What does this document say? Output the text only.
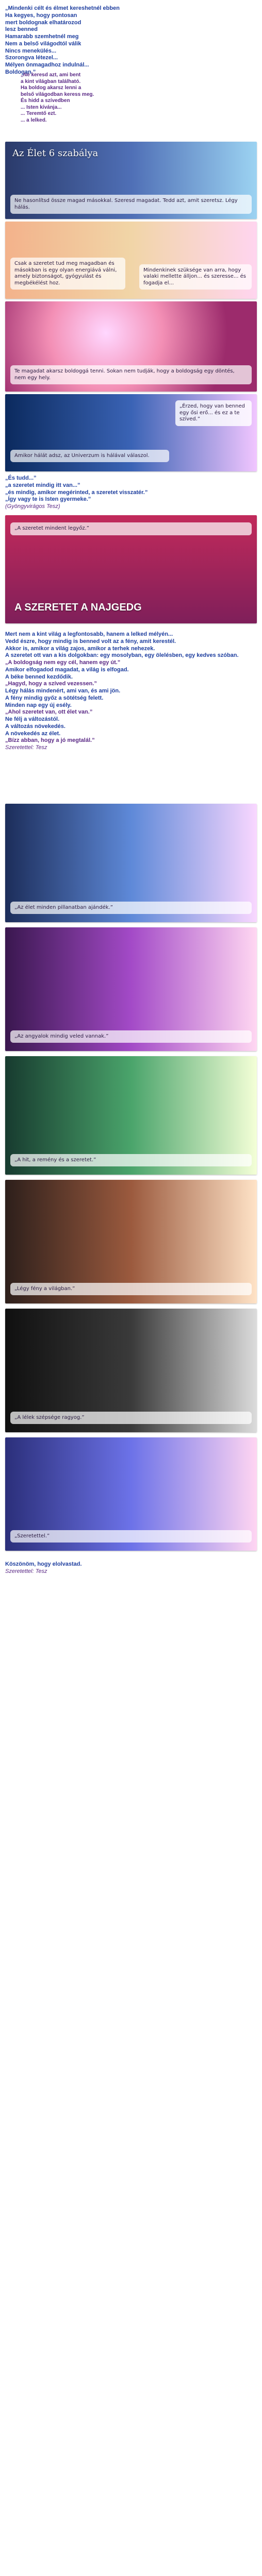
„Mindenki célt és élmet kereshetnél ebben
Ha kegyes, hogy pontosan
mert boldognak elhatározod
lesz benned
Hamarabb szemhetnél meg
Nem a belső világodtól válik
Nincs menekülés...
Szorongva létezel...
Mélyen önmagadhoz indulnál...
Boldogan.”
„Ne keresd azt, ami bent
a kint világban található.
Ha boldog akarsz lenni a
belső világodban keress meg.
És hidd a szívedben
... Isten kívánja...
... Teremtő ezt.
... a lelked.
Az Élet 6 szabálya
Ne hasonlítsd össze magad másokkal. Szeresd magadat. Tedd azt, amit szeretsz. Légy hálás.
Csak a szeretet tud meg magadban és másokban is egy olyan energiává válni, amely biztonságot, gyógyulást és megbékélést hoz.
Mindenkinek szüksége van arra, hogy valaki mellette álljon... és szeresse... és fogadja el...
Te magadat akarsz boldoggá tenni. Sokan nem tudják, hogy a boldogság egy döntés, nem egy hely.
Amikor hálát adsz, az Univerzum is hálával válaszol.
„Érzed, hogy van benned egy ősi erő... és ez a te szíved.”
„És tudd...”
„a szeretet mindig itt van...”
„és mindig, amikor megérinted, a szeretet visszatér.”
„Így vagy te is Isten gyermeke.”
(Gyöngyvirágos Tesz)
A SZERETET A NAJGEDG
„A szeretet mindent legyőz.”
Mert nem a kint világ a legfontosabb, hanem a lelked mélyén...
Vedd észre, hogy mindig is benned volt az a fény, amit kerestél.
Akkor is, amikor a világ zajos, amikor a terhek nehezek.
A szeretet ott van a kis dolgokban: egy mosolyban, egy ölelésben, egy kedves szóban.
„A boldogság nem egy cél, hanem egy út.”
Amikor elfogadod magadat, a világ is elfogad.
A béke benned kezdődik.
„Hagyd, hogy a szíved vezessen.”
Légy hálás mindenért, ami van, és ami jön.
A fény mindig győz a sötétség felett.
Minden nap egy új esély.
„Ahol szeretet van, ott élet van.”
Ne félj a változástól.
A változás növekedés.
A növekedés az élet.
„Bízz abban, hogy a jó megtalál.”
Szeretettel: Tesz
„Az élet minden pillanatban ajándék.”
„Az angyalok mindig veled vannak.”
„A hit, a remény és a szeretet.”
„Légy fény a világban.”
„A lélek szépsége ragyog.”
„Szeretettel.”
Köszönöm, hogy elolvastad.
Szeretettel: Tesz
